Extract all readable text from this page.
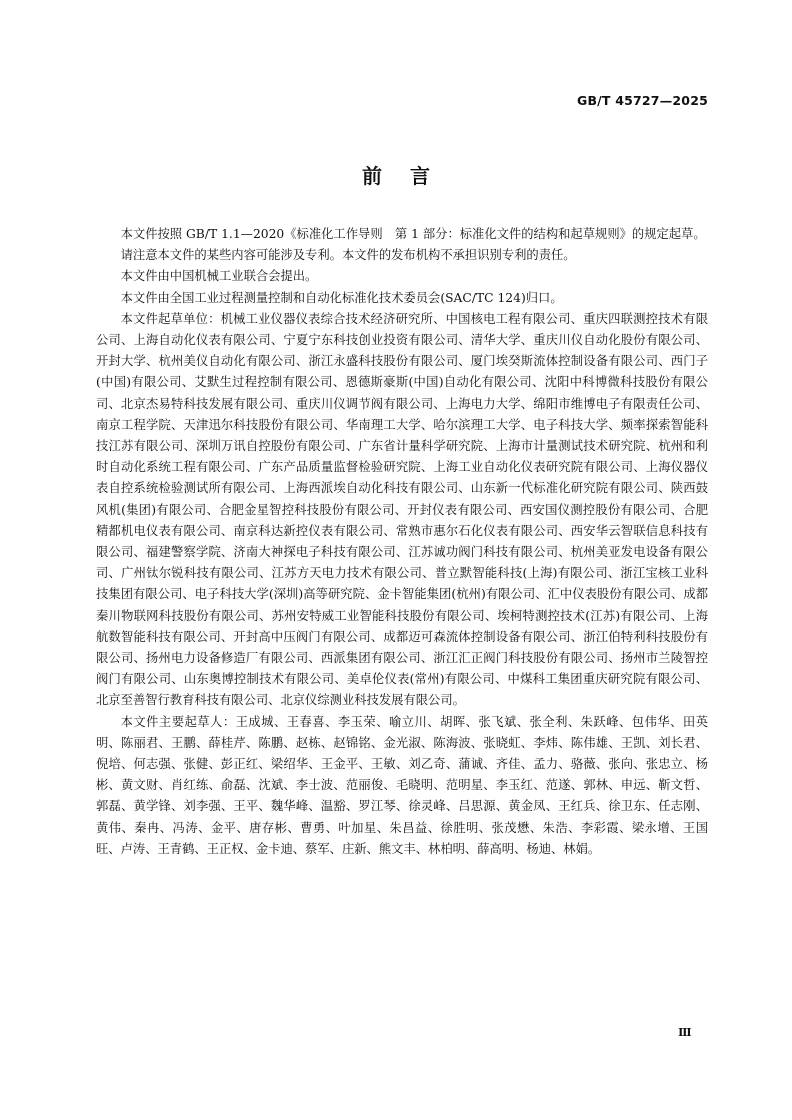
GB/T 45727—2025
前言

本文件按照 GB/T 1.1—2020《标准化工作导则　第 1 部分：标准化文件的结构和起草规则》的规定起草。

请注意本文件的某些内容可能涉及专利。本文件的发布机构不承担识别专利的责任。

本文件由中国机械工业联合会提出。

本文件由全国工业过程测量控制和自动化标准化技术委员会(SAC/TC 124)归口。

本文件起草单位：机械工业仪器仪表综合技术经济研究所、中国核电工程有限公司、重庆四联测控技术有限公司、上海自动化仪表有限公司、宁夏宁东科技创业投资有限公司、清华大学、重庆川仪自动化股份有限公司、开封大学、杭州美仪自动化有限公司、浙江永盛科技股份有限公司、厦门埃癸斯流体控制设备有限公司、西门子(中国)有限公司、艾默生过程控制有限公司、恩德斯豪斯(中国)自动化有限公司、沈阳中科博微科技股份有限公司、北京杰易特科技发展有限公司、重庆川仪调节阀有限公司、上海电力大学、绵阳市维博电子有限责任公司、南京工程学院、天津迅尔科技股份有限公司、华南理工大学、哈尔滨理工大学、电子科技大学、频率探索智能科技江苏有限公司、深圳万讯自控股份有限公司、广东省计量科学研究院、上海市计量测试技术研究院、杭州和利时自动化系统工程有限公司、广东产品质量监督检验研究院、上海工业自动化仪表研究院有限公司、上海仪器仪表自控系统检验测试所有限公司、上海西派埃自动化科技有限公司、山东新一代标准化研究院有限公司、陕西鼓风机(集团)有限公司、合肥金星智控科技股份有限公司、开封仪表有限公司、西安国仪测控股份有限公司、合肥精都机电仪表有限公司、南京科达新控仪表有限公司、常熟市惠尔石化仪表有限公司、西安华云智联信息科技有限公司、福建警察学院、济南大神探电子科技有限公司、江苏诚功阀门科技有限公司、杭州美亚发电设备有限公司、广州钛尔锐科技有限公司、江苏方天电力技术有限公司、普立默智能科技(上海)有限公司、浙江宝核工业科技集团有限公司、电子科技大学(深圳)高等研究院、金卡智能集团(杭州)有限公司、汇中仪表股份有限公司、成都秦川物联网科技股份有限公司、苏州安特威工业智能科技股份有限公司、埃柯特测控技术(江苏)有限公司、上海航数智能科技有限公司、开封高中压阀门有限公司、成都迈可森流体控制设备有限公司、浙江伯特利科技股份有限公司、扬州电力设备修造厂有限公司、西派集团有限公司、浙江汇正阀门科技股份有限公司、扬州市兰陵智控阀门有限公司、山东奥博控制技术有限公司、美卓伦仪表(常州)有限公司、中煤科工集团重庆研究院有限公司、北京至善智行教育科技有限公司、北京仪综测业科技发展有限公司。

本文件主要起草人：王成城、王春喜、李玉荣、喻立川、胡晖、张飞斌、张全利、朱跃峰、包伟华、田英明、陈丽君、王鹏、薛桂芹、陈鹏、赵栋、赵锦铭、金光淑、陈海波、张晓虹、李炜、陈伟雄、王凯、刘长君、倪培、何志强、张健、彭正红、梁绍华、王金平、王敏、刘乙奇、蒲诚、齐佳、孟力、骆薇、张向、张忠立、杨彬、黄文财、肖红练、俞磊、沈斌、李士波、范丽俊、毛晓明、范明星、李玉红、范遂、郭林、申远、靳文哲、郭磊、黄学锋、刘李强、王平、魏华峰、温豁、罗江琴、徐灵峰、吕思源、黄金凤、王红兵、徐卫东、任志刚、黄伟、秦冉、冯涛、金平、唐存彬、曹勇、叶加星、朱昌益、徐胜明、张茂懋、朱浩、李彩霞、梁永增、王国旺、卢涛、王青鹤、王正权、金卡迪、蔡军、庄新、熊文丰、林柏明、薛高明、杨迪、林娟。

Ⅲ
